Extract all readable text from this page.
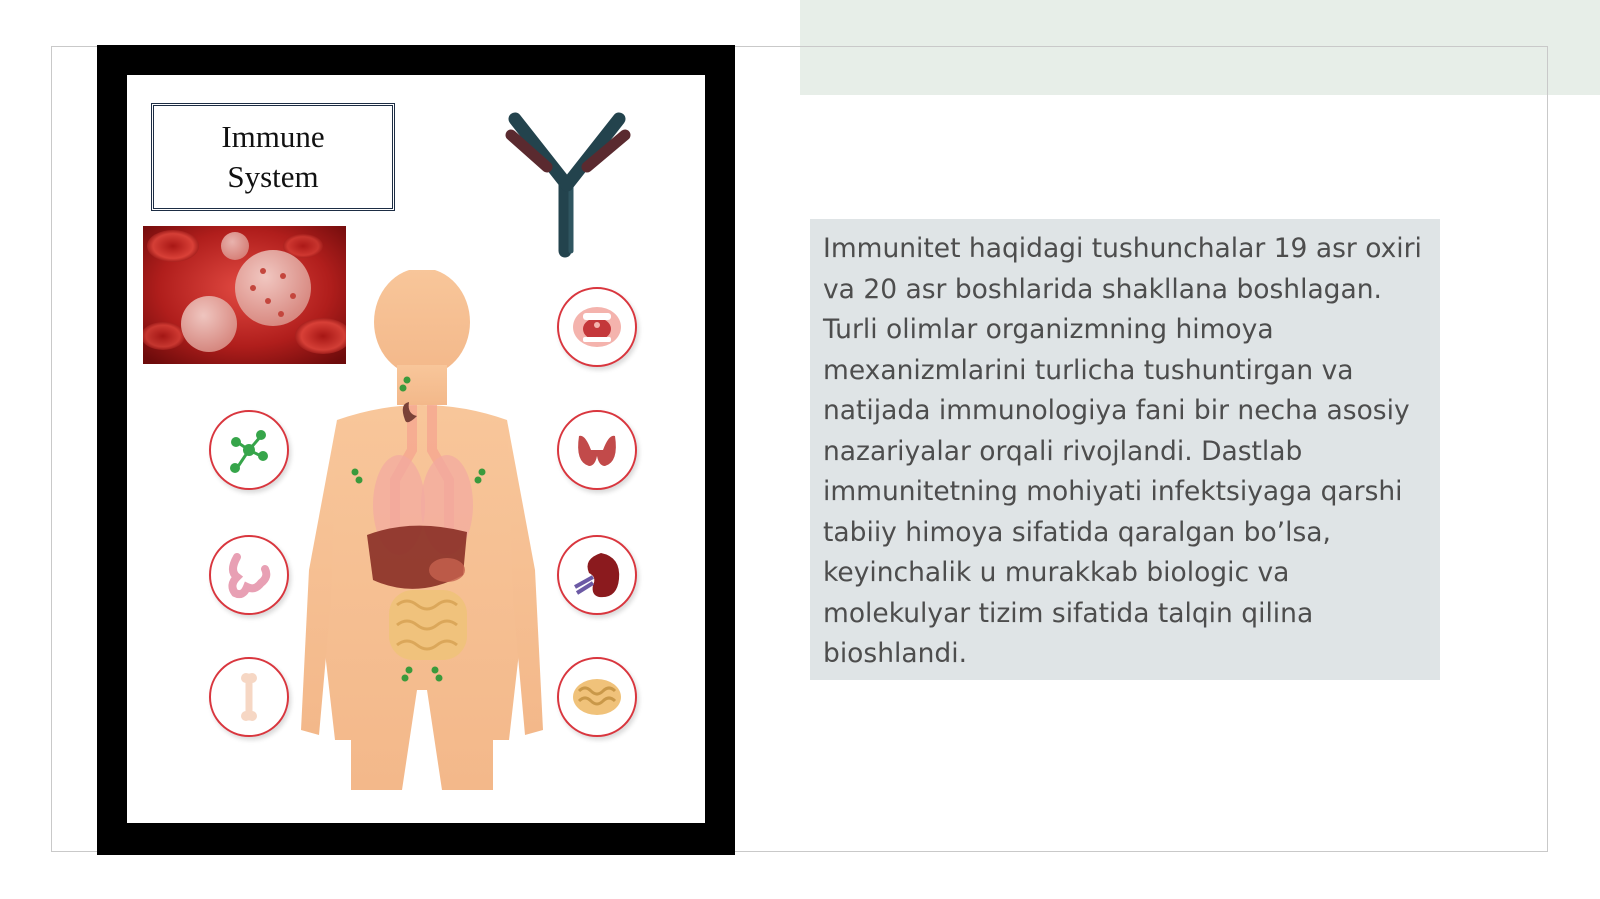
Immune
System

Immunitet haqidagi tushunchalar 19 asr oxiri va 20 asr boshlarida shakllana boshlagan. Turli olimlar organizmning himoya mexanizmlarini turlicha tushuntirgan va natijada immunologiya fani bir necha asosiy nazariyalar orqali rivojlandi. Dastlab immunitetning mohiyati infektsiyaga qarshi tabiiy himoya sifatida qaralgan bo’lsa, keyinchalik u murakkab biologic va molekulyar tizim sifatida talqin qilina bioshlandi.
